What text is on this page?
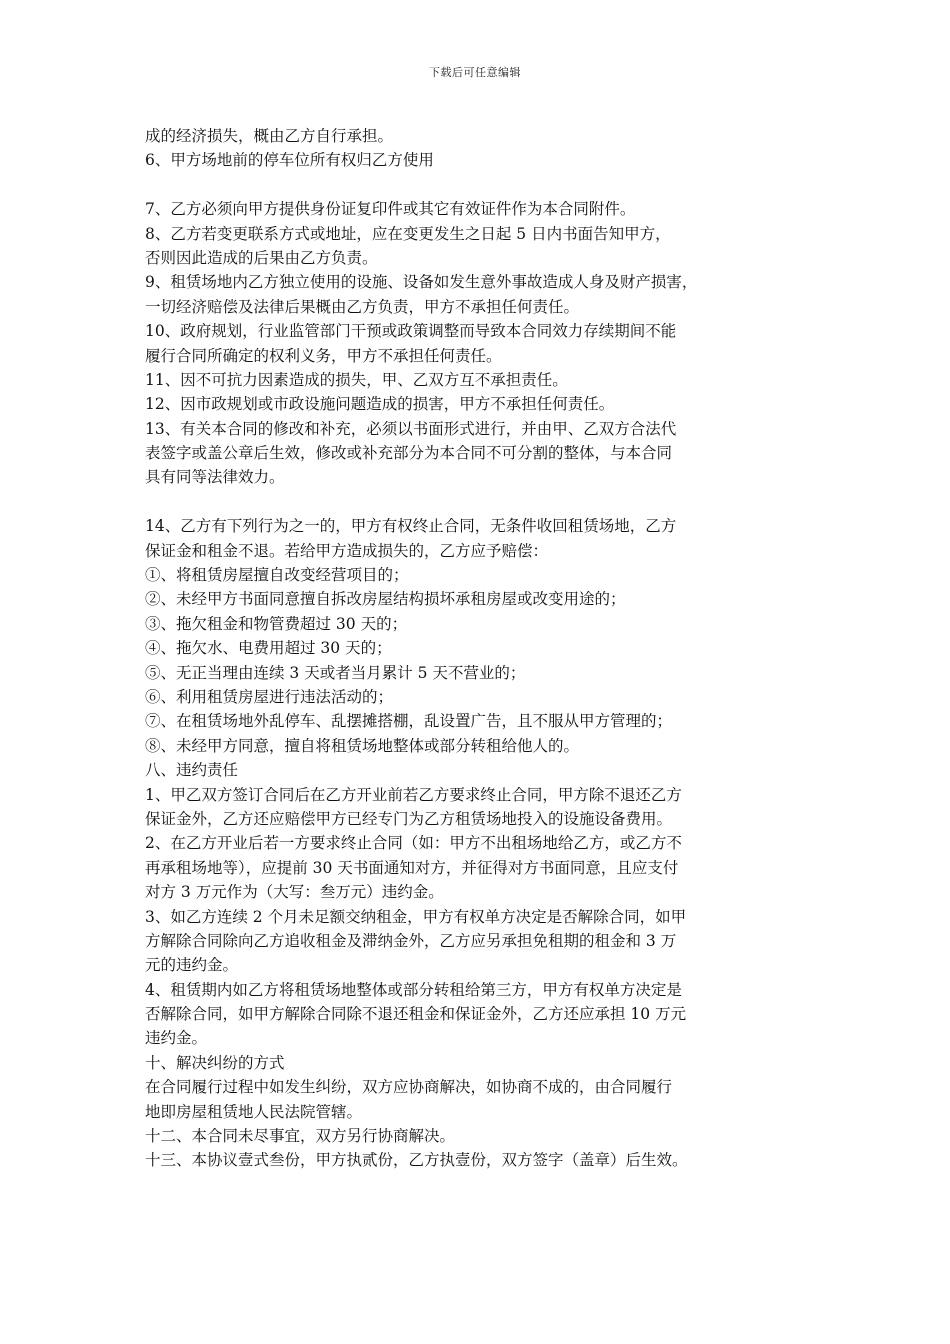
下载后可任意编辑
成的经济损失，概由乙方自行承担。
6、甲方场地前的停车位所有权归乙方使用
7、乙方必须向甲方提供身份证复印件或其它有效证件作为本合同附件。
8、乙方若变更联系方式或地址，应在变更发生之日起 5 日内书面告知甲方，
否则因此造成的后果由乙方负责。
9、租赁场地内乙方独立使用的设施、设备如发生意外事故造成人身及财产损害，
一切经济赔偿及法律后果概由乙方负责，甲方不承担任何责任。
10、政府规划，行业监管部门干预或政策调整而导致本合同效力存续期间不能
履行合同所确定的权利义务，甲方不承担任何责任。
11、因不可抗力因素造成的损失，甲、乙双方互不承担责任。
12、因市政规划或市政设施问题造成的损害，甲方不承担任何责任。
13、有关本合同的修改和补充，必须以书面形式进行，并由甲、乙双方合法代
表签字或盖公章后生效，修改或补充部分为本合同不可分割的整体，与本合同
具有同等法律效力。
14、乙方有下列行为之一的，甲方有权终止合同，无条件收回租赁场地，乙方
保证金和租金不退。若给甲方造成损失的，乙方应予赔偿：
①、将租赁房屋擅自改变经营项目的；
②、未经甲方书面同意擅自拆改房屋结构损坏承租房屋或改变用途的；
③、拖欠租金和物管费超过 30 天的；
④、拖欠水、电费用超过 30 天的；
⑤、无正当理由连续 3 天或者当月累计 5 天不营业的；
⑥、利用租赁房屋进行违法活动的；
⑦、在租赁场地外乱停车、乱摆摊搭棚，乱设置广告，且不服从甲方管理的；
⑧、未经甲方同意，擅自将租赁场地整体或部分转租给他人的。
八、违约责任
1、甲乙双方签订合同后在乙方开业前若乙方要求终止合同，甲方除不退还乙方
保证金外，乙方还应赔偿甲方已经专门为乙方租赁场地投入的设施设备费用。
2、在乙方开业后若一方要求终止合同（如：甲方不出租场地给乙方，或乙方不
再承租场地等），应提前 30 天书面通知对方，并征得对方书面同意，且应支付
对方 3 万元作为（大写：叁万元）违约金。
3、如乙方连续 2 个月未足额交纳租金，甲方有权单方决定是否解除合同，如甲
方解除合同除向乙方追收租金及滞纳金外，乙方应另承担免租期的租金和 3 万
元的违约金。
4、租赁期内如乙方将租赁场地整体或部分转租给第三方，甲方有权单方决定是
否解除合同，如甲方解除合同除不退还租金和保证金外，乙方还应承担 10 万元
违约金。
十、解决纠纷的方式
在合同履行过程中如发生纠纷，双方应协商解决，如协商不成的，由合同履行
地即房屋租赁地人民法院管辖。
十二、本合同未尽事宜，双方另行协商解决。
十三、本协议壹式叁份，甲方执贰份，乙方执壹份，双方签字（盖章）后生效。
